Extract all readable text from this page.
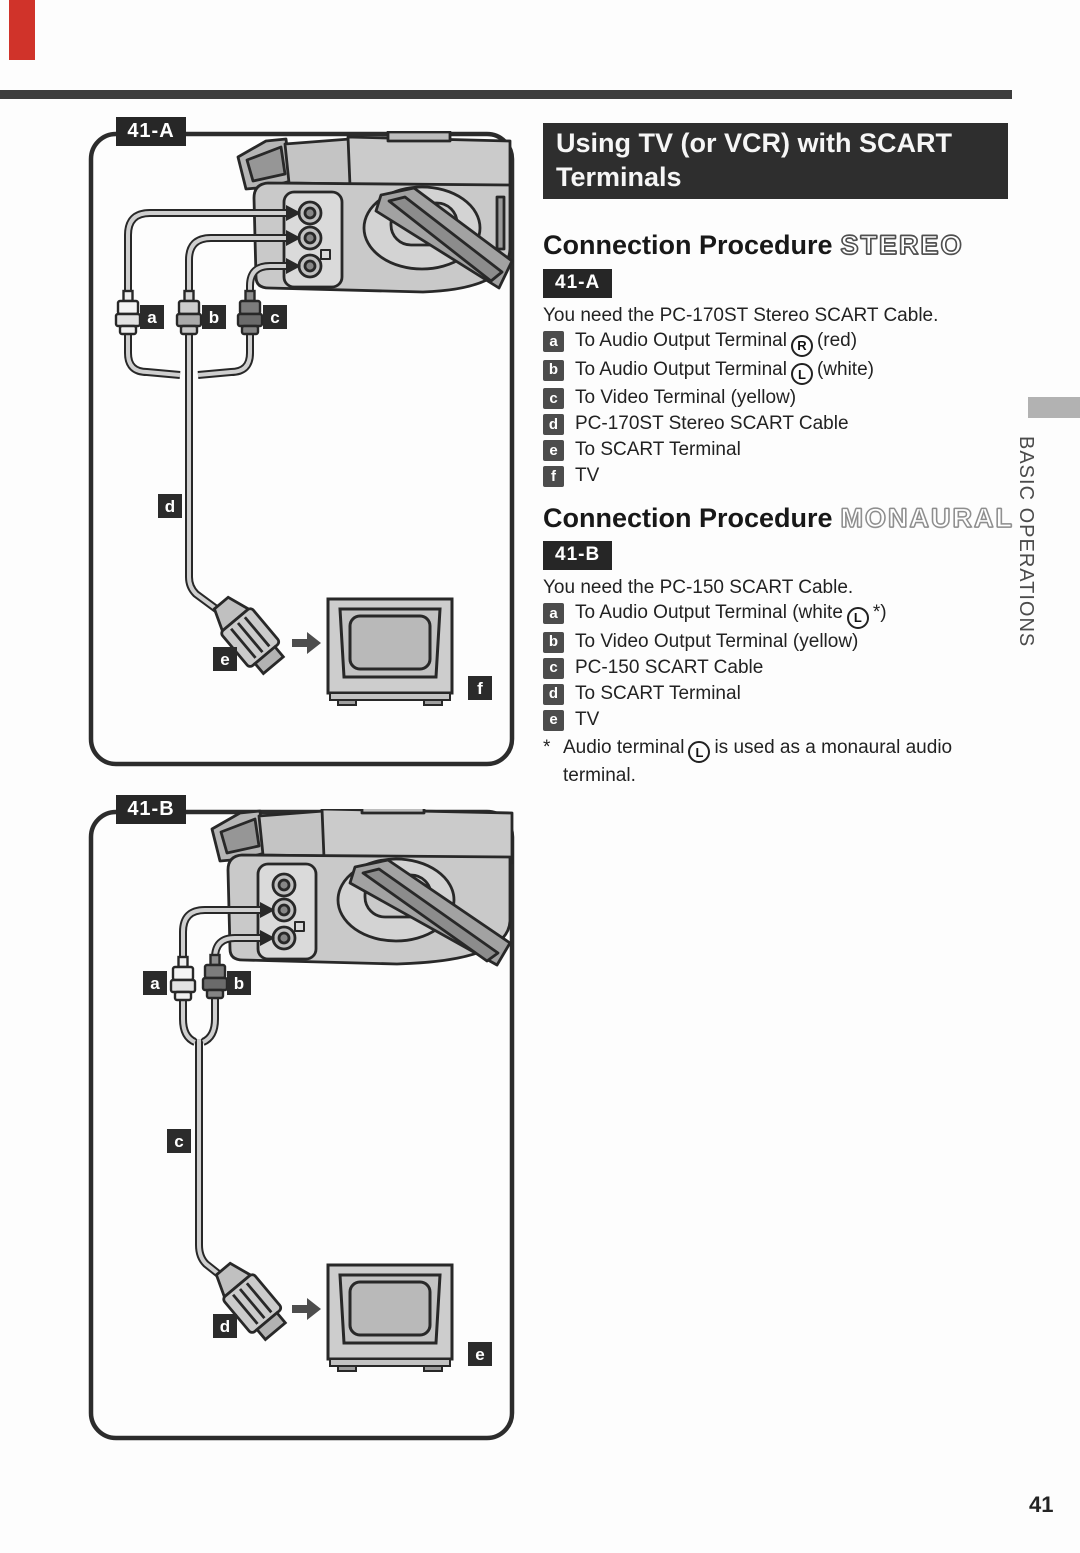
41-A
a	b	c
d
e
f
41-B
a	b
c
d
e
Using TV (or VCR) with SCART
Terminals
Connection Procedure STEREO
41-A
You need the PC-170ST Stereo SCART Cable.
a To Audio Output Terminal R (red)
b To Audio Output Terminal L (white)
c To Video Terminal (yellow)
d PC-170ST Stereo SCART Cable
e To SCART Terminal
f	TV
Connection Procedure MONAURAL
41-B
You need the PC-150 SCART Cable.
a To Audio Output Terminal (white L *)
b To Video Output Terminal (yellow)
c PC-150 SCART Cable
d To SCART Terminal
e TV
* Audio terminal L is used as a monaural audio terminal.
BASIC OPERATIONS
41
